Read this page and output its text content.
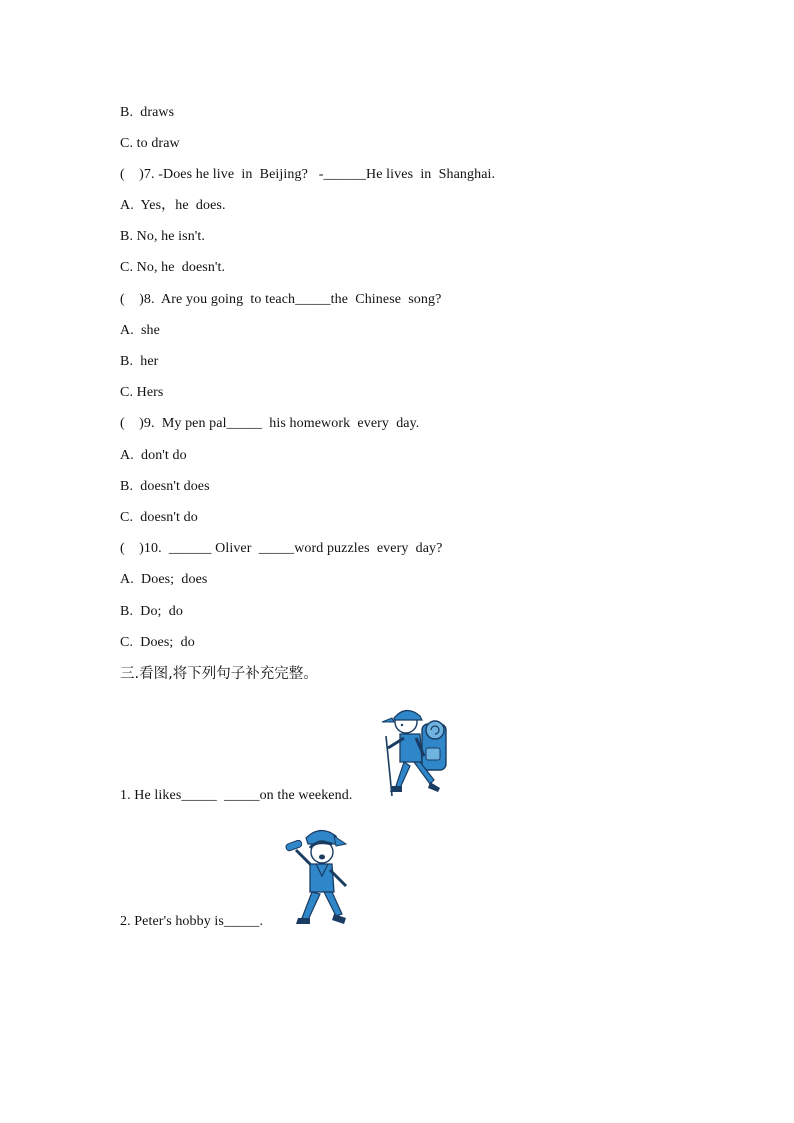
B.  draws
C. to draw
(    )7. -Does he live  in  Beijing?   -______He lives  in  Shanghai.
A.  Yes，he  does.
B. No, he isn't.
C. No, he  doesn't.
(    )8.  Are you going  to teach_____the  Chinese  song?
A.  she
B.  her
C. Hers
(    )9.  My pen pal_____  his homework  every  day.
A.  don't do
B.  doesn't does
C.  doesn't do
(    )10.  ______ Oliver  _____word puzzles  every  day?
A.  Does;  does
B.  Do;  do
C.  Does;  do
三.看图,将下列句子补充完整。
1. He likes_____  _____on the weekend.
2. Peter's hobby is_____.
